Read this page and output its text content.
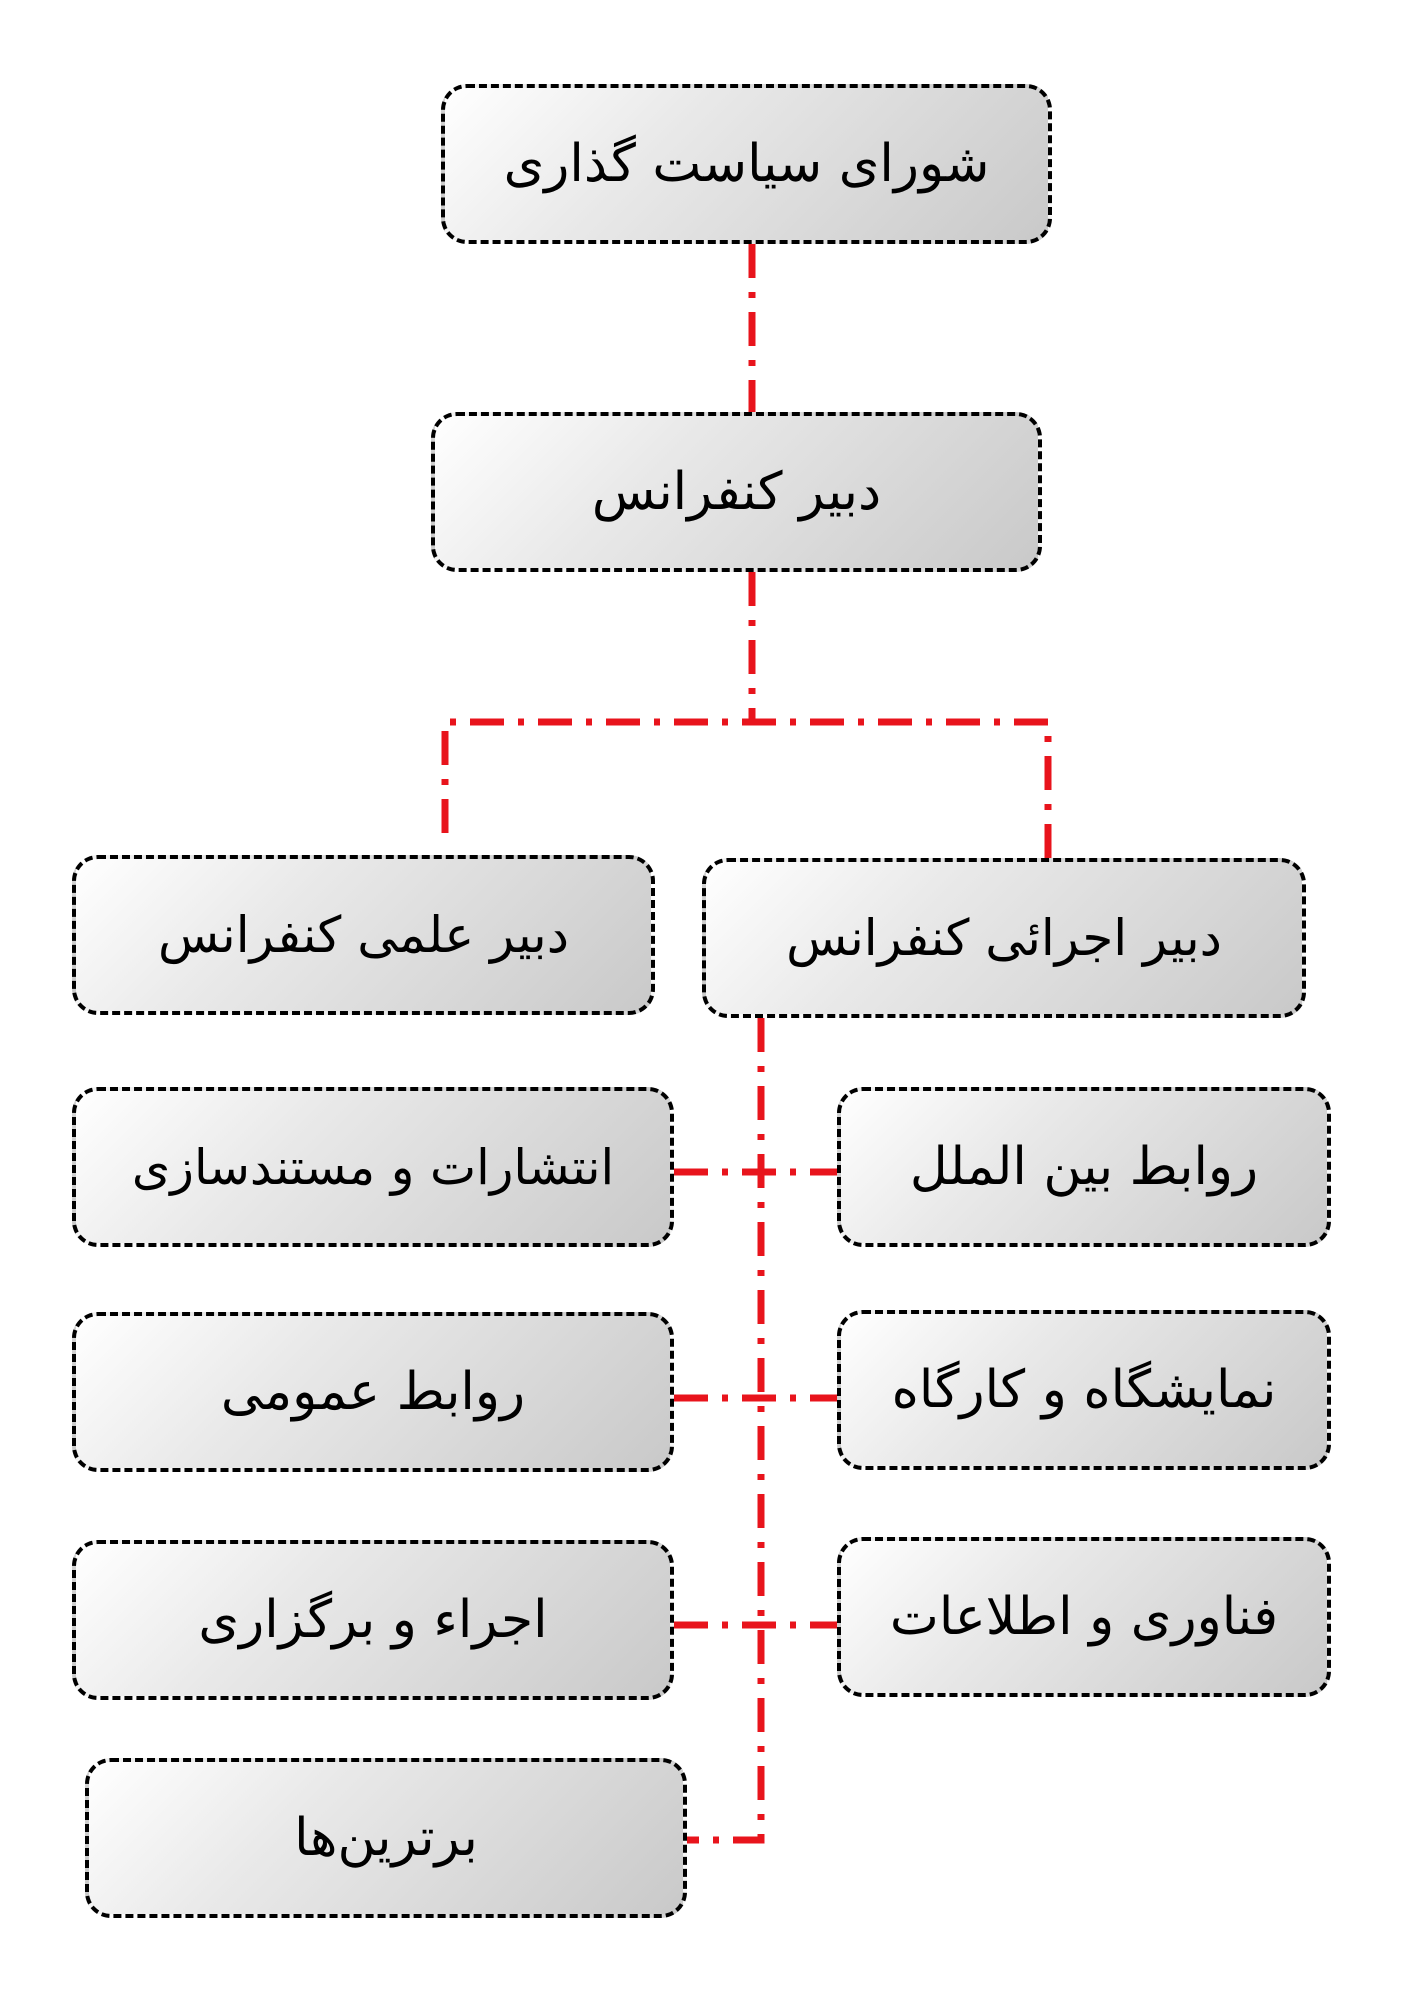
شورای سیاست گذاری
دبیر کنفرانس
دبیر اجرائی کنفرانس
دبیر علمی کنفرانس
روابط بین الملل
نمایشگاه و کارگاه
فناوری و اطلاعات
انتشارات و مستندسازی
روابط عمومی
اجراء و برگزاری
برترین‌ها
